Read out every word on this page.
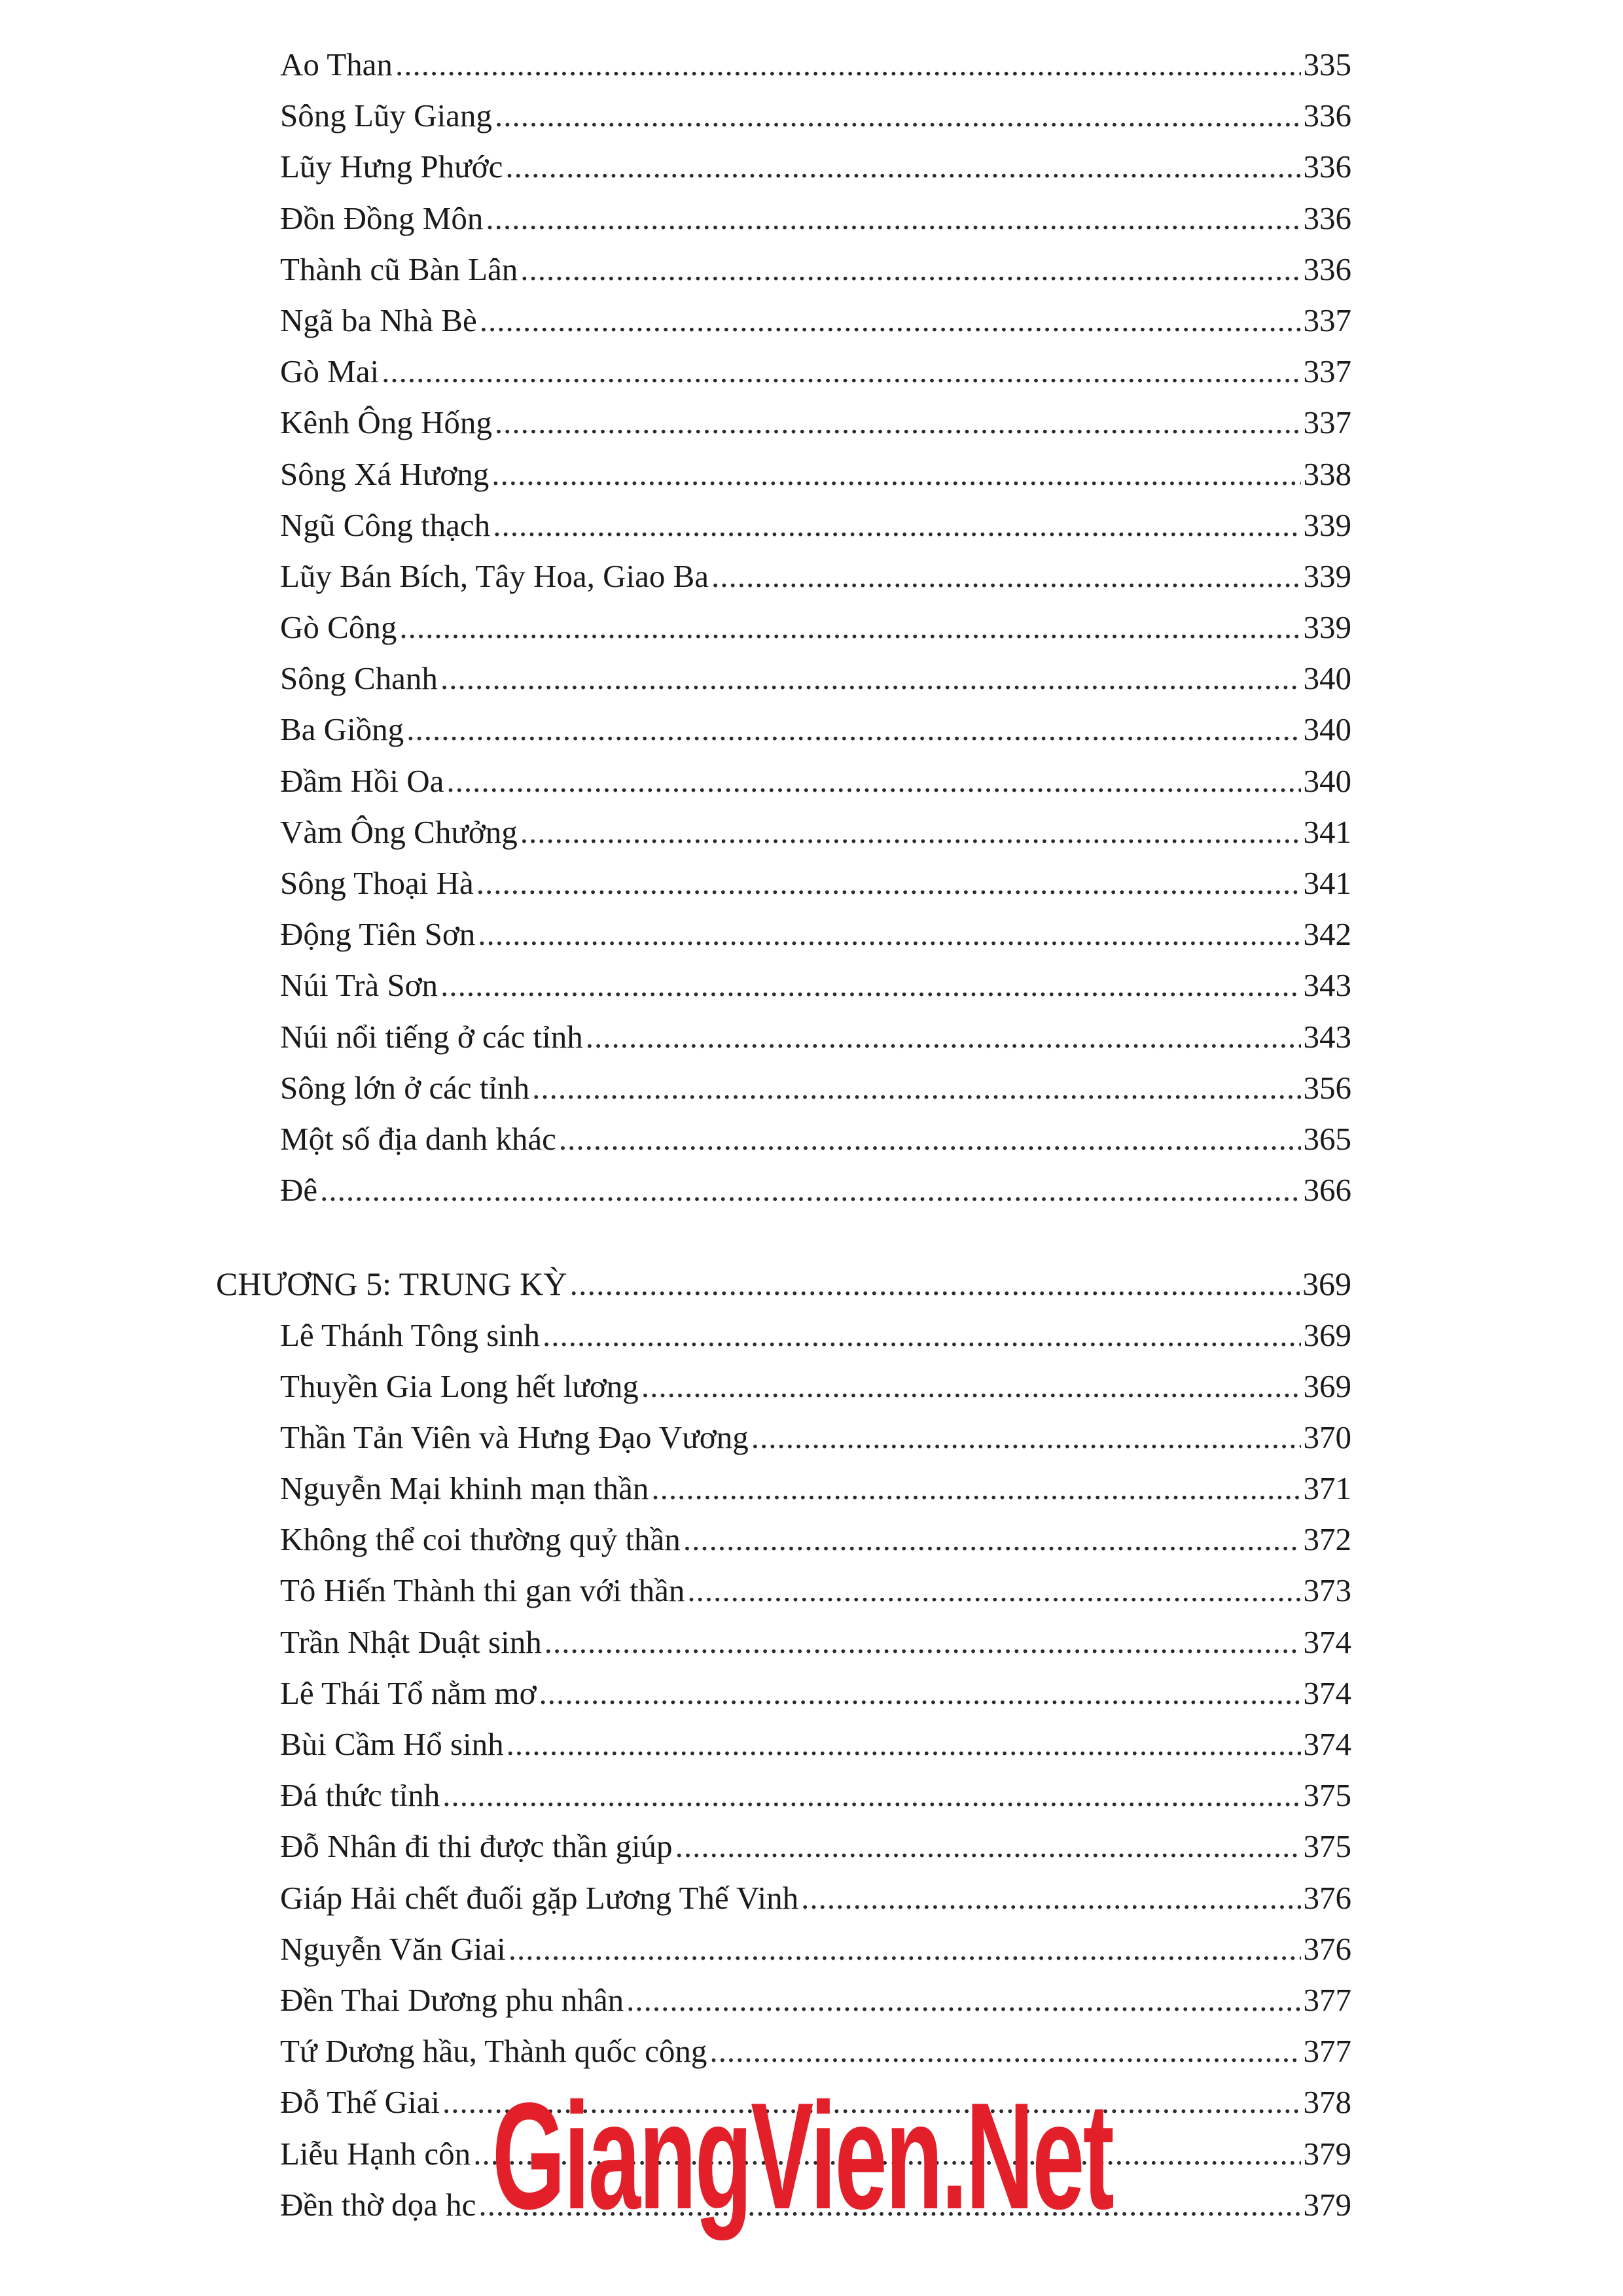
Ao Than .....	335
Sông Lũy Giang .....	336
Lũy Hưng Phước .....	336
Đồn Đồng Môn .....	336
Thành cũ Bàn Lân .....	336
Ngã ba Nhà Bè .....	337
Gò Mai .....	337
Kênh Ông Hống .....	337
Sông Xá Hương .....	338
Ngũ Công thạch .....	339
Lũy Bán Bích, Tây Hoa, Giao Ba .....	339
Gò Công .....	339
Sông Chanh .....	340
Ba Giồng .....	340
Đầm Hồi Oa .....	340
Vàm Ông Chưởng .....	341
Sông Thoại Hà .....	341
Động Tiên Sơn .....	342
Núi Trà Sơn .....	343
Núi nổi tiếng ở các tỉnh .....	343
Sông lớn ở các tỉnh .....	356
Một số địa danh khác .....	365
Đê .....	366
CHƯƠNG 5: TRUNG KỲ .....	369
Lê Thánh Tông sinh .....	369
Thuyền Gia Long hết lương .....	369
Thần Tản Viên và Hưng Đạo Vương .....	370
Nguyễn Mại khinh mạn thần .....	371
Không thể coi thường quỷ thần .....	372
Tô Hiến Thành thi gan với thần .....	373
Trần Nhật Duật sinh .....	374
Lê Thái Tổ nằm mơ .....	374
Bùi Cầm Hổ sinh .....	374
Đá thức tỉnh .....	375
Đỗ Nhân đi thi được thần giúp .....	375
Giáp Hải chết đuối gặp Lương Thế Vinh .....	376
Nguyễn Văn Giai .....	376
Đền Thai Dương phu nhân .....	377
Tứ Dương hầu, Thành quốc công .....	377
Đỗ Thế Giai .....	378
Liễu Hạnh côn .....	379
Đền thờ dọa hc .....	379
GiangVien.Net
